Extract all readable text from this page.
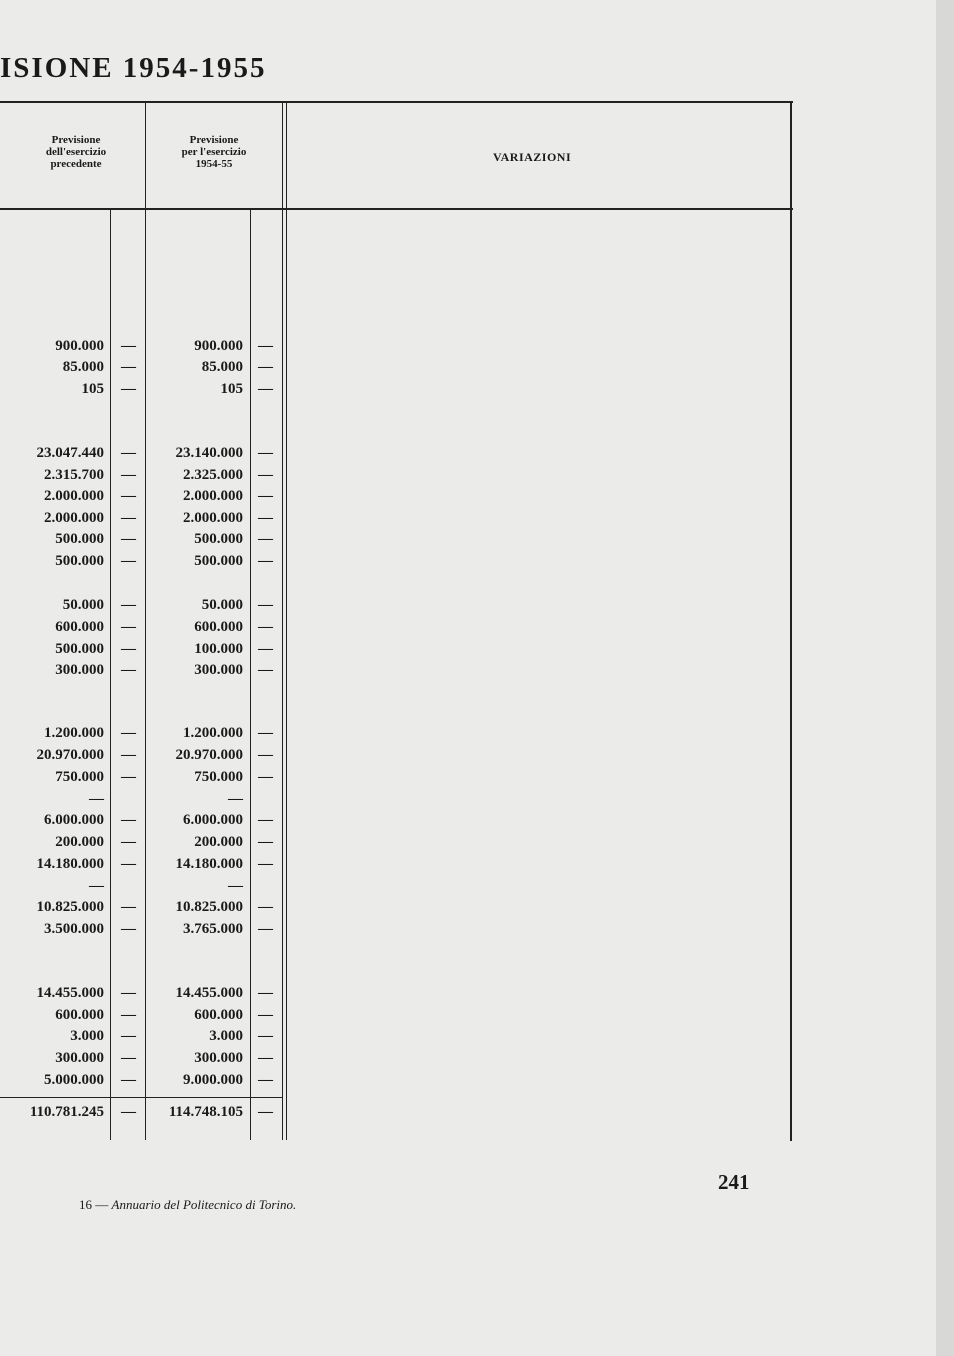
ISIONE 1954-1955
Previsione
dell'esercizio
precedente
Previsione
per l'esercizio
1954-55	VARIAZIONI
900.000 —	900.000 —
85.000 —	85.000 —
105 —	105 —
23.047.440 —	23.140.000 —
2.315.700 —	2.325.000 —
2.000.000 —	2.000.000 —
2.000.000 —	2.000.000 —
500.000 —	500.000 —
500.000 —	500.000 —
50.000 —	50.000 —
600.000 —	600.000 —
500.000 —	100.000 —
300.000 —	300.000 —
1.200.000 —	1.200.000 —
20.970.000 —	20.970.000 —
750.000 —	750.000 —
—	—
6.000.000 —	6.000.000 —
200.000 —	200.000 —
14.180.000 —	14.180.000 —
—	—
10.825.000 —	10.825.000 —
3.500.000 —	3.765.000 —
14.455.000 —	14.455.000 —
600.000 —	600.000 —
3.000 —	3.000 —
300.000 —	300.000 —
5.000.000 —	9.000.000 —
110.781.245 — 114.748.105 —
16 — Annuario del Politecnico di Torino.
241
